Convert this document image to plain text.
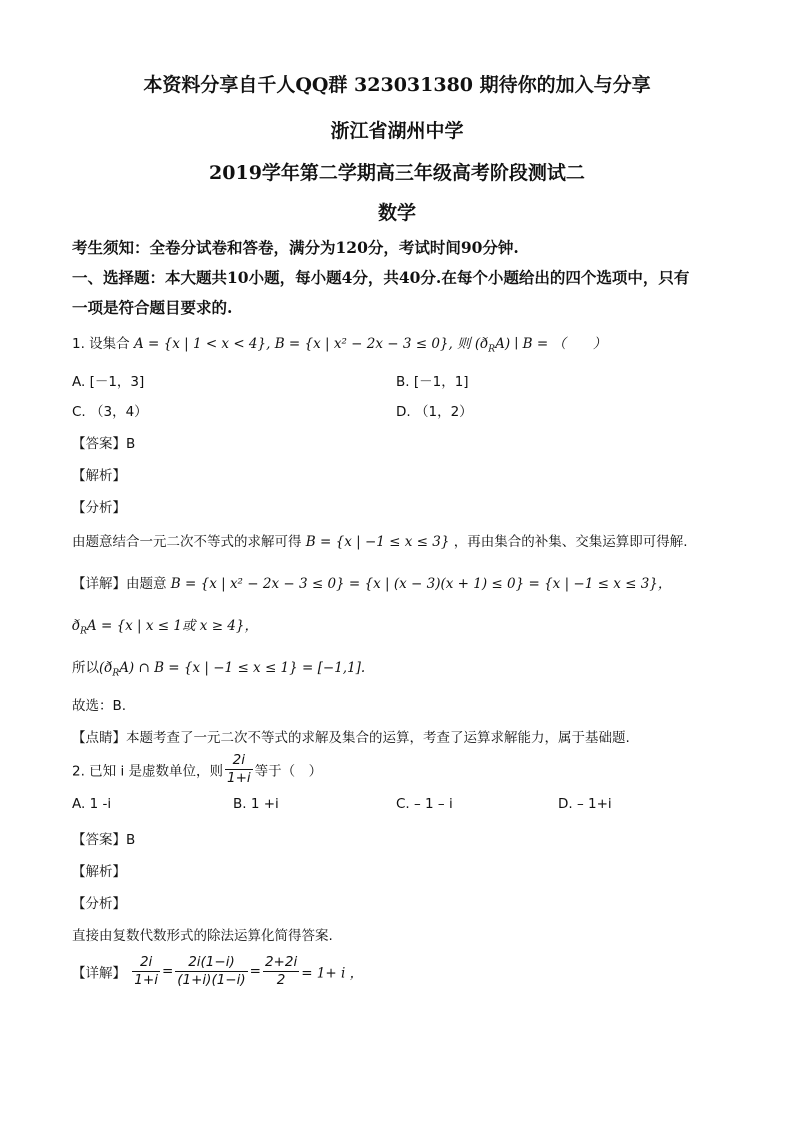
本资料分享自千人QQ群 323031380 期待你的加入与分享
浙江省湖州中学
2019学年第二学期高三年级高考阶段测试二
数学
考生须知：全卷分试卷和答卷，满分为120分，考试时间90分钟.
一、选择题：本大题共10小题，每小题4分，共40分.在每个小题给出的四个选项中，只有
一项是符合题目要求的.
1. 设集合 A = {x | 1 < x < 4}, B = {x | x² − 2x − 3 ≤ 0}, 则 $(ð_RA)$ ∣ B = （　　）
A. [－1，3]	B. [－1，1]
C. （3，4）	D. （1，2）
【答案】B
【解析】
【分析】
由题意结合一元二次不等式的求解可得 B = {x | −1 ≤ x ≤ 3} ，再由集合的补集、交集运算即可得解.
【详解】由题意 B = {x | x² − 2x − 3 ≤ 0} = {x | (x − 3)(x + 1) ≤ 0} = {x | −1 ≤ x ≤ 3}，
$ð_RA = \{x$ | x ≤ 1或 x ≥ 4}，
所以$(ð_RA)$ ∩ B = {x | −1 ≤ x ≤ 1} = [−1,1].
故选：B.
【点睛】本题考查了一元二次不等式的求解及集合的运算，考查了运算求解能力，属于基础题.
2. 已知 i 是虚数单位，则 $\frac{2i}{1+i}$ 等于（　）
A. 1 -i	B. 1 +i	C. – 1 – i	D. – 1+i
【答案】B
【解析】
【分析】
直接由复数代数形式的除法运算化简得答案.
【详解】 $\frac{2i}{1+i} = \frac{2i(1-i)}{(1+i)(1-i)} = \frac{2+2i}{2} = 1+ i$ ，
